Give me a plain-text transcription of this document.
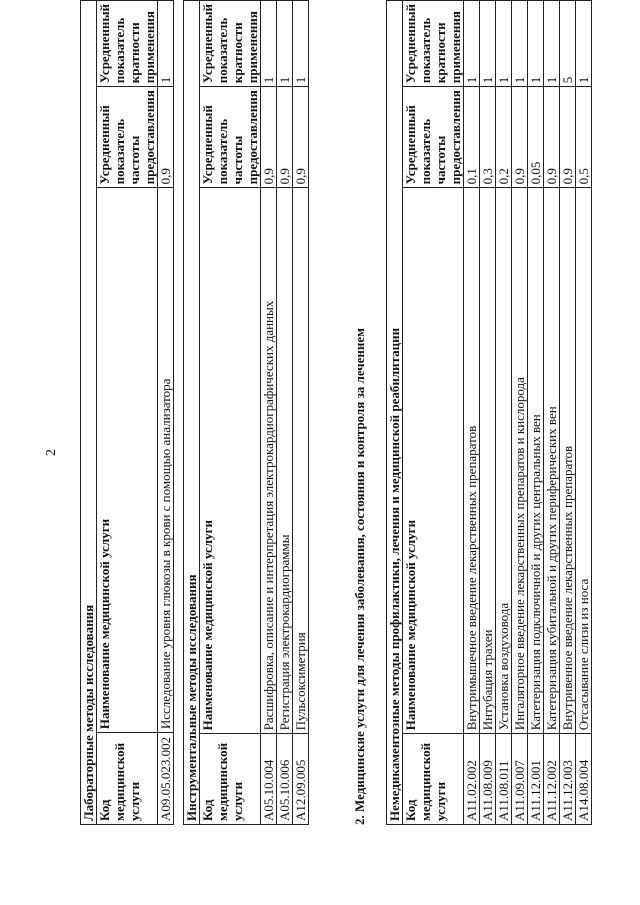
2
Лабораторные методы исследования			
Код медицинской услуги	Наименование медицинской услуги	Усредненный показатель частоты предоставления	Усредненный показатель кратности применения
A09.05.023.002	Исследование уровня глюкозы в крови с помощью анализатора	0,9	1
Инструментальные методы исследования			
Код медицинской услуги	Наименование медицинской услуги	Усредненный показатель частоты предоставления	Усредненный показатель кратности применения
A05.10.004	Расшифровка, описание и интерпретация электрокардиографических данных	0,9	1
A05.10.006	Регистрация электрокардиограммы	0,9	1
A12.09.005	Пульсоксиметрия	0,9	1
2. Медицинские услуги для лечения заболевания, состояния и контроля за лечением Немедикаментозные методы профилактики, лечения и медицинской реабилитации			
Код медицинской услуги	Наименование медицинской услуги	Усредненный показатель частоты предоставления	Усредненный показатель кратности применения
A11.02.002	Внутримышечное введение лекарственных препаратов	0,1	1
A11.08.009	Интубация трахеи	0,3	1
A11.08.011	Установка воздуховода	0,2	1
A11.09.007	Ингаляторное введение лекарственных препаратов и кислорода	0,9	1
A11.12.001	Катетеризация подключичной и других центральных вен	0,05	1
A11.12.002	Катетеризация кубитальной и других периферических вен	0,9	1
A11.12.003	Внутривенное введение лекарственных препаратов	0,9	5
A14.08.004	Отсасывание слизи из носа	0,5	1
